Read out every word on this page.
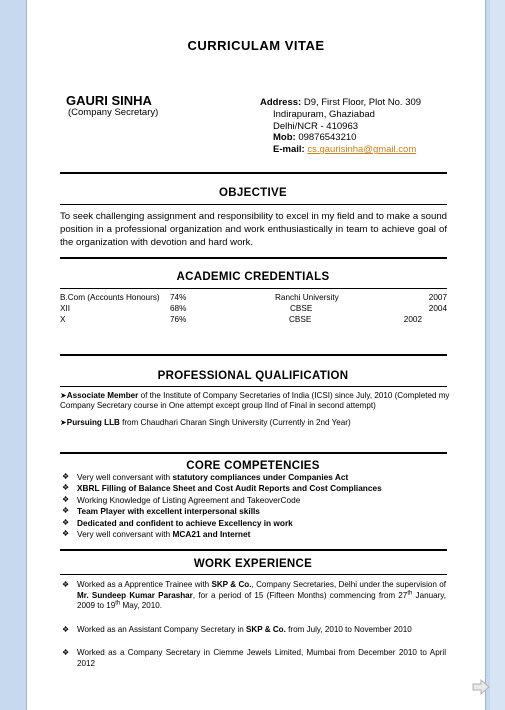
CURRICULAM VITAE
GAURI SINHA
(Company Secretary)
Address: D9, First Floor, Plot No. 309
Indirapuram, Ghaziabad
Delhi/NCR - 410963
Mob: 09876543210
E-mail: cs.gaurisinha@gmail.com
OBJECTIVE
To seek challenging assignment and responsibility to excel in my field and to make a sound position in a professional organization and work enthusiastically in team to achieve goal of the organization with devotion and hard work.
ACADEMIC CREDENTIALS
B.Com (Accounts Honours) 74%	Ranchi University	2007
XII	68%	CBSE	2004
X	76%	CBSE	2002
PROFESSIONAL QUALIFICATION

➤Associate Member of the Institute of Company Secretaries of India (ICSI) since July, 2010 (Completed my Company Secretary course in One attempt except group IInd of Final in second attempt)

➤Pursuing LLB from Chaudhari Charan Singh University (Currently in 2nd Year)

CORE COMPETENCIES
❖ Very well conversant with statutory compliances under Companies Act
❖ XBRL Filling of Balance Sheet and Cost Audit Reports and Cost Compliances
❖ Working Knowledge of Listing Agreement and TakeoverCode
❖ Team Player with excellent interpersonal skills
❖ Dedicated and confident to achieve Excellency in work
❖ Very well conversant with MCA21 and Internet
WORK EXPERIENCE
❖ Worked as a Apprentice Trainee with SKP & Co., Company Secretaries, Delhi under the supervision of Mr. Sundeep Kumar Parashar, for a period of 15 (Fifteen Months) commencing from 27th January, 2009 to 19th May, 2010.
❖ Worked as an Assistant Company Secretary in SKP & Co. from July, 2010 to November 2010
❖ Worked as a Company Secretary in Ciemme Jewels Limited, Mumbai from December 2010 to April 2012
